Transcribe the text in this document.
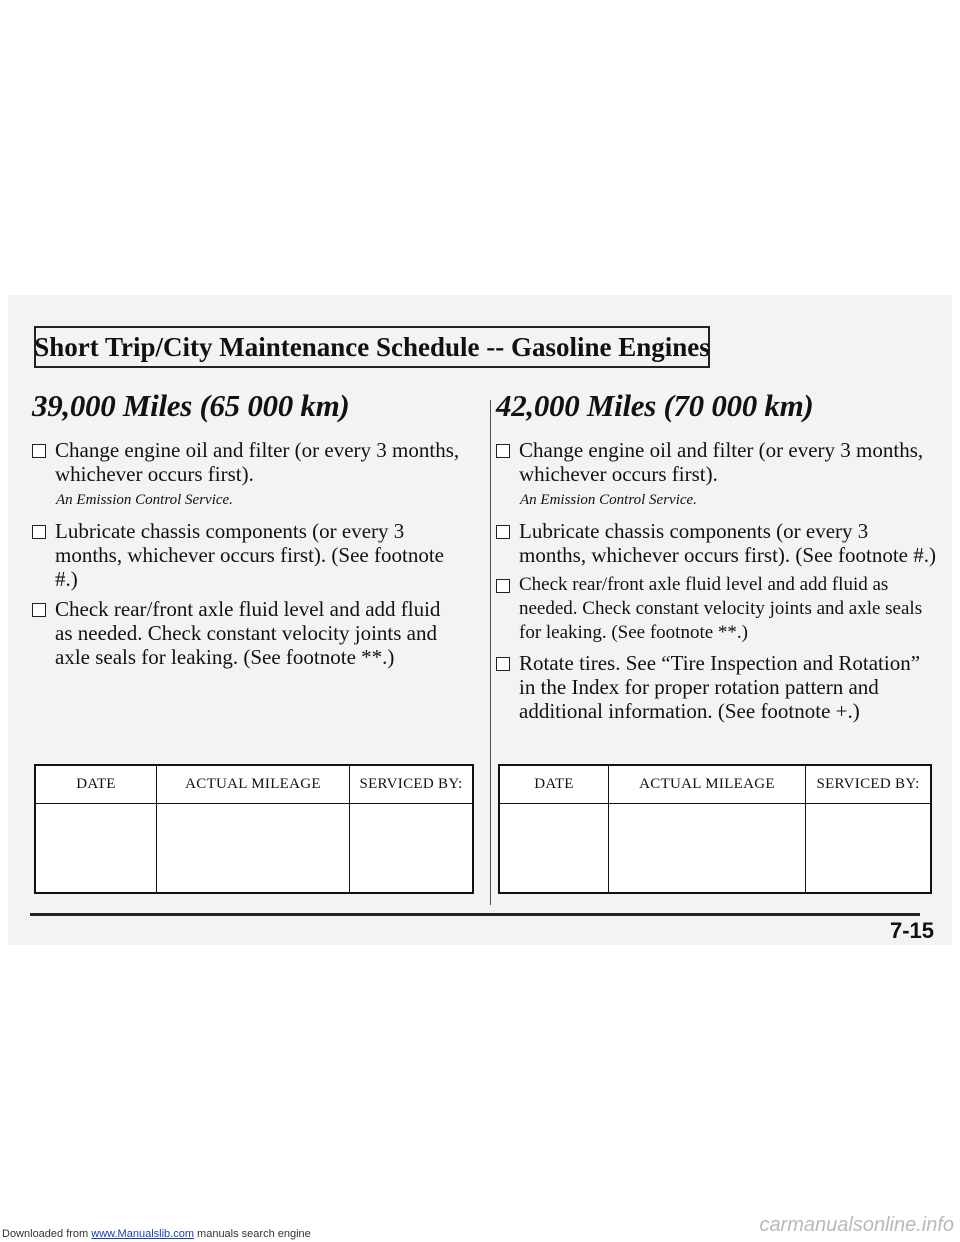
Short Trip/City Maintenance Schedule -- Gasoline Engines
39,000 Miles (65 000 km)
Change engine oil and filter (or every 3 months, whichever occurs first).
An Emission Control Service.
Lubricate chassis components (or every 3 months, whichever occurs first). (See footnote #.)
Check rear/front axle fluid level and add fluid as needed. Check constant velocity joints and axle seals for leaking. (See footnote **.)
42,000 Miles (70 000 km)
Change engine oil and filter (or every 3 months, whichever occurs first).
An Emission Control Service.
Lubricate chassis components (or every 3 months, whichever occurs first). (See footnote #.)
Check rear/front axle fluid level and add fluid as needed. Check constant velocity joints and axle seals for leaking. (See footnote **.)
Rotate tires. See “Tire Inspection and Rotation” in the Index for proper rotation pattern and additional information. (See footnote +.)
DATE	ACTUAL MILEAGE	SERVICED BY:
			DATE	ACTUAL MILEAGE	SERVICED BY:

7-15
Downloaded from www.Manualslib.com manuals search engine	carmanualsonline.info
